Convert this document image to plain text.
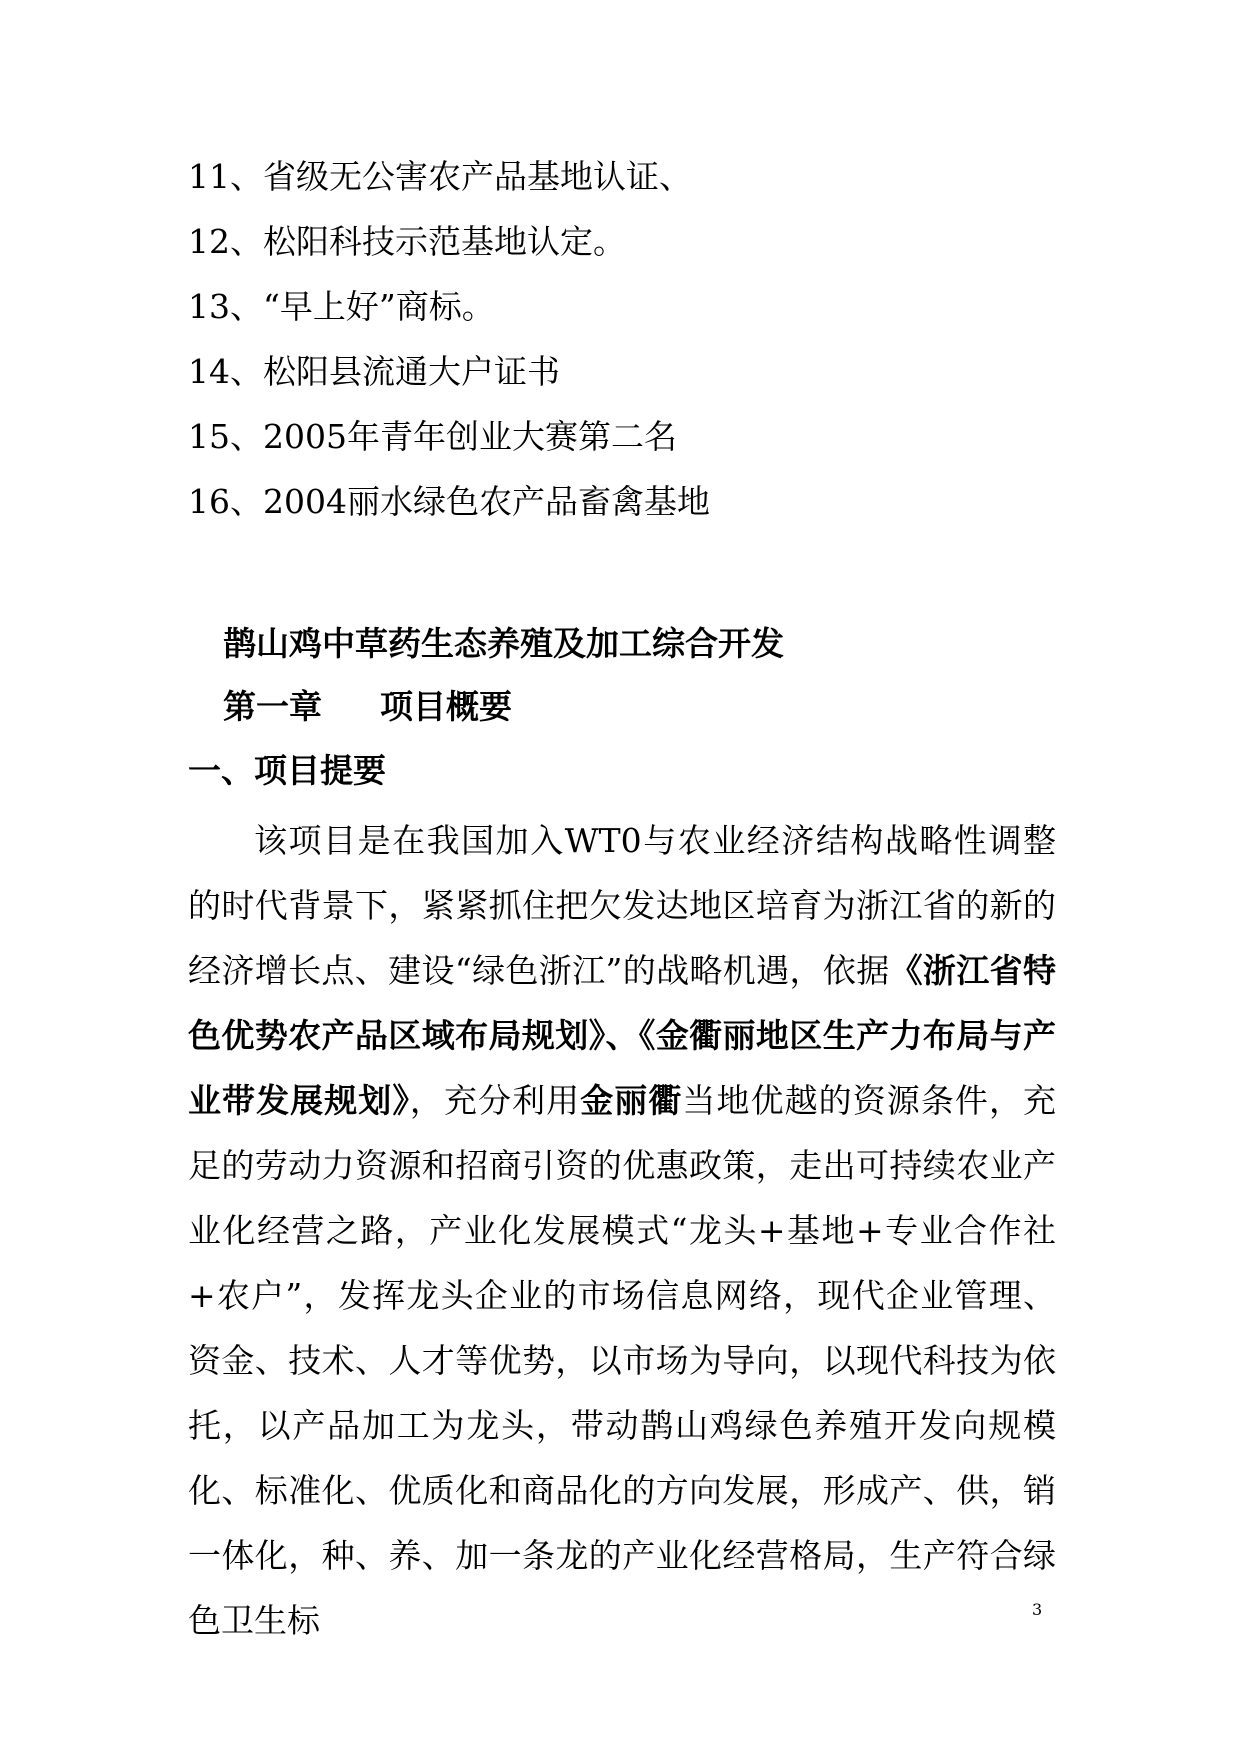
11、省级无公害农产品基地认证、
12、松阳科技示范基地认定。
13、“早上好”商标。
14、松阳县流通大户证书
15、2005年青年创业大赛第二名
16、2004丽水绿色农产品畜禽基地
鹊山鸡中草药生态养殖及加工综合开发
第一章 项目概要
一、项目提要
该项目是在我国加入WT0与农业经济结构战略性调整的时代背景下，紧紧抓住把欠发达地区培育为浙江省的新的经济增长点、建设“绿色浙江”的战略机遇，依据《浙江省特色优势农产品区域布局规划》、《金衢丽地区生产力布局与产业带发展规划》，充分利用金丽衢当地优越的资源条件，充足的劳动力资源和招商引资的优惠政策，走出可持续农业产业化经营之路，产业化发展模式“龙头+基地+专业合作社+农户”，发挥龙头企业的市场信息网络，现代企业管理、资金、技术、人才等优势，以市场为导向，以现代科技为依托，以产品加工为龙头，带动鹊山鸡绿色养殖开发向规模化、标准化、优质化和商品化的方向发展，形成产、供，销一体化，种、养、加一条龙的产业化经营格局，生产符合绿色卫生标	3
